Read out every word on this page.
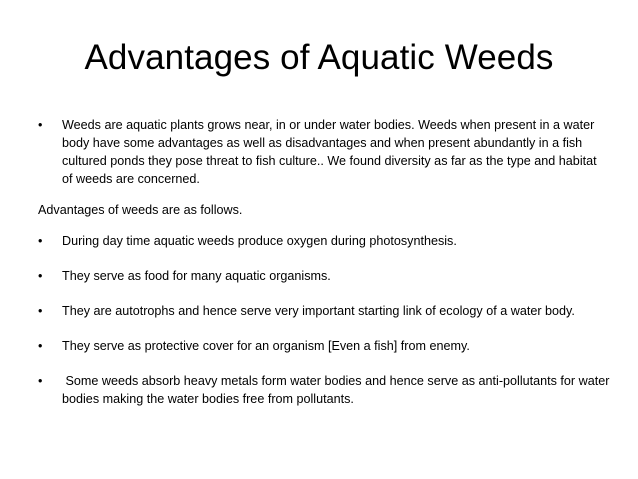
Advantages of Aquatic Weeds
• Weeds are aquatic plants grows near, in or under water bodies. Weeds when present in a water body have some advantages as well as disadvantages and when present abundantly in a fish cultured ponds they pose threat to fish culture.. We found diversity as far as the type and habitat of weeds are concerned.

Advantages of weeds are as follows.

• During day time aquatic weeds produce oxygen during photosynthesis.

• They serve as food for many aquatic organisms.

• They are autotrophs and hence serve very important starting link of ecology of a water body.

• They serve as protective cover for an organism [Even a fish] from enemy.

• Some weeds absorb heavy metals form water bodies and hence serve as anti-pollutants for water bodies making the water bodies free from pollutants.
